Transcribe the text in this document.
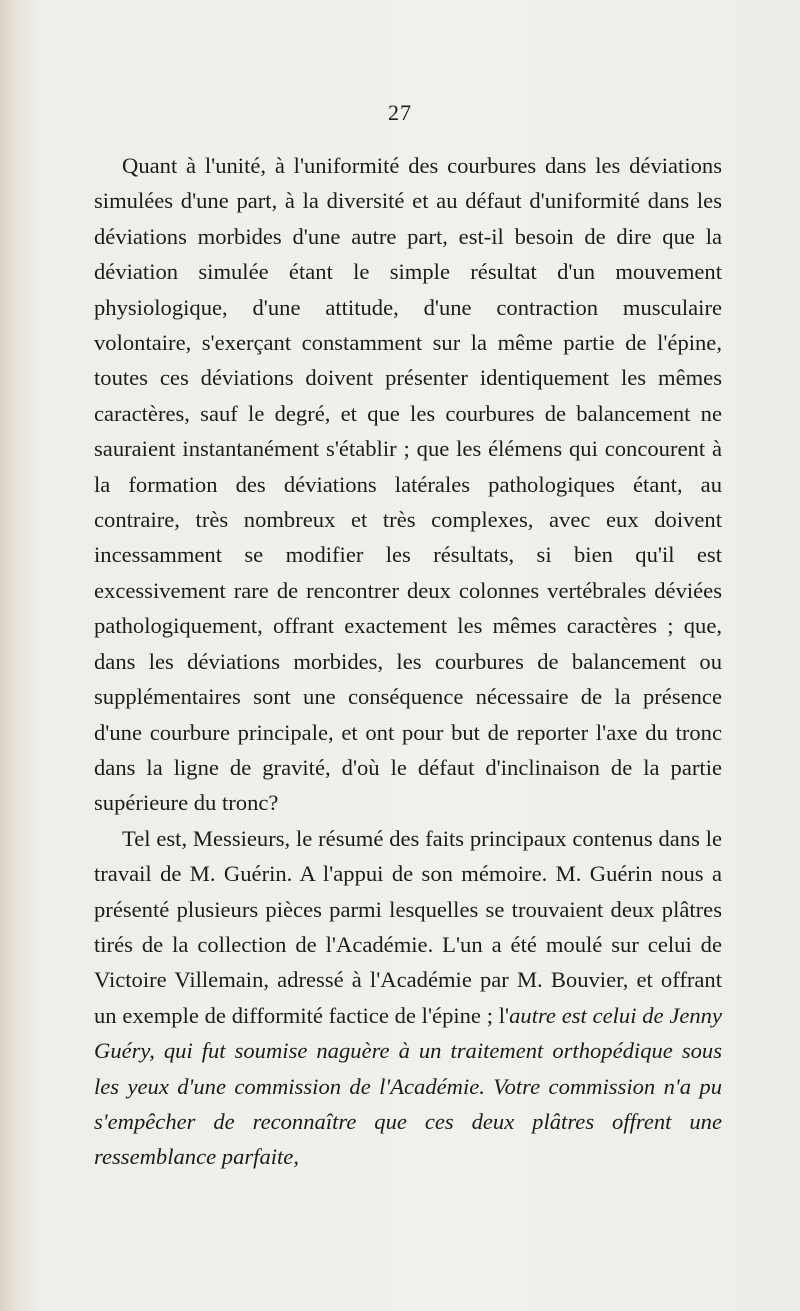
27

Quant à l'unité, à l'uniformité des courbures dans les déviations simulées d'une part, à la diversité et au défaut d'uniformité dans les déviations morbides d'une autre part, est-il besoin de dire que la déviation simulée étant le simple résultat d'un mouvement physiologique, d'une attitude, d'une contraction musculaire volontaire, s'exerçant constamment sur la même partie de l'épine, toutes ces déviations doivent présenter identiquement les mêmes caractères, sauf le degré, et que les courbures de balancement ne sauraient instantanément s'établir ; que les élémens qui concourent à la formation des déviations latérales pathologiques étant, au contraire, très nombreux et très complexes, avec eux doivent incessamment se modifier les résultats, si bien qu'il est excessivement rare de rencontrer deux colonnes vertébrales déviées pathologiquement, offrant exactement les mêmes caractères ; que, dans les déviations morbides, les courbures de balancement ou supplémentaires sont une conséquence nécessaire de la présence d'une courbure principale, et ont pour but de reporter l'axe du tronc dans la ligne de gravité, d'où le défaut d'inclinaison de la partie supérieure du tronc?

Tel est, Messieurs, le résumé des faits principaux contenus dans le travail de M. Guérin. A l'appui de son mémoire. M. Guérin nous a présenté plusieurs pièces parmi lesquelles se trouvaient deux plâtres tirés de la collection de l'Académie. L'un a été moulé sur celui de Victoire Villemain, adressé à l'Académie par M. Bouvier, et offrant un exemple de difformité factice de l'épine ; l'autre est celui de Jenny Guéry, qui fut soumise naguère à un traitement orthopédique sous les yeux d'une commission de l'Académie. Votre commission n'a pu s'empêcher de reconnaître que ces deux plâtres offrent une ressemblance parfaite,
